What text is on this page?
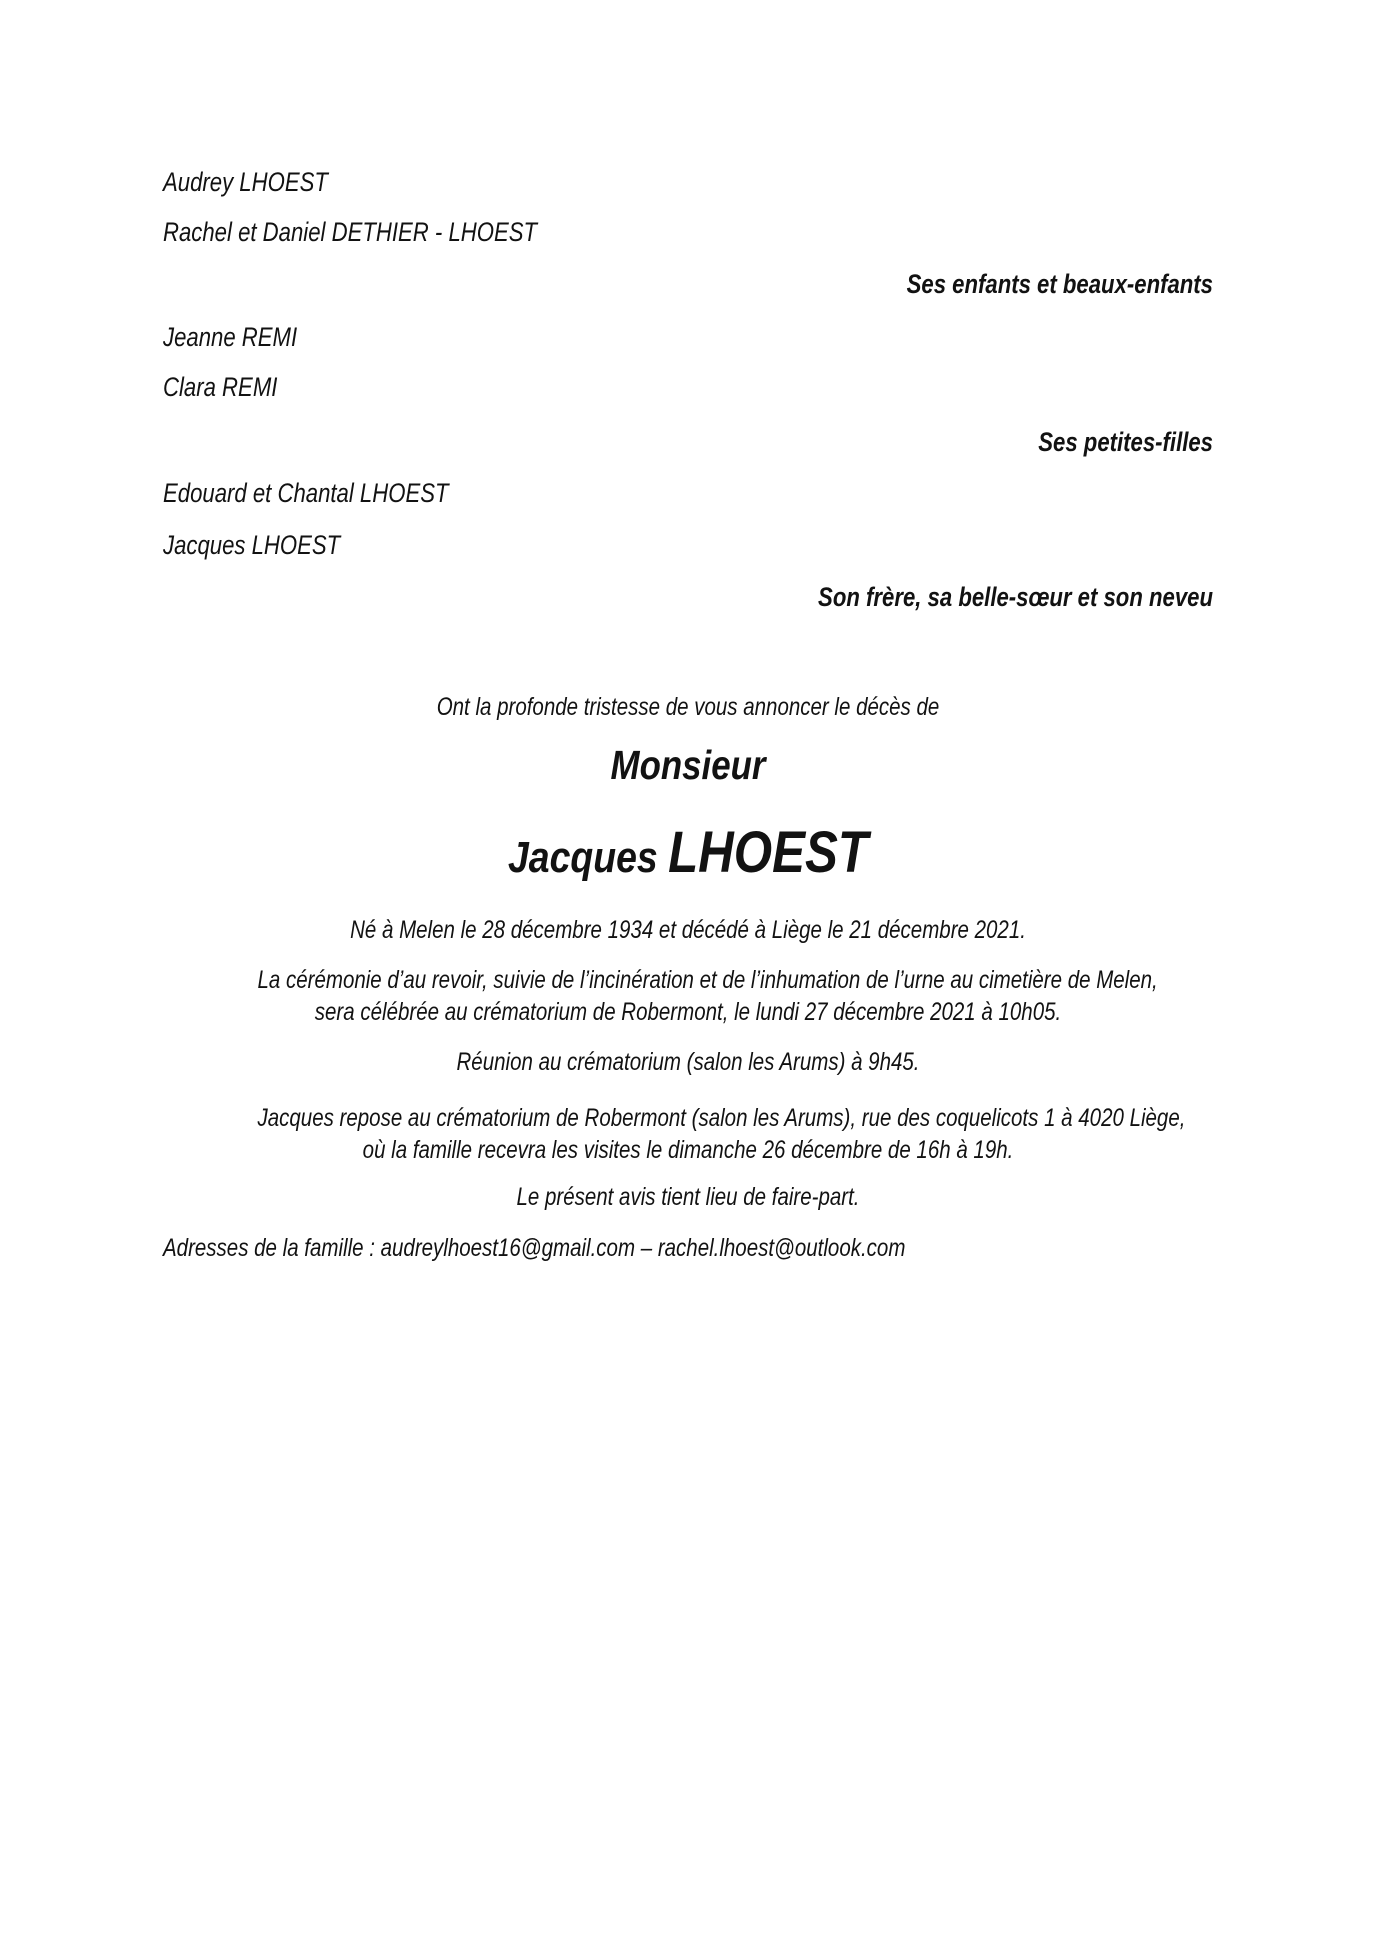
Audrey LHOEST
Rachel et Daniel DETHIER - LHOEST
Ses enfants et beaux-enfants
Jeanne REMI
Clara REMI
Ses petites-filles
Edouard et Chantal LHOEST
Jacques LHOEST
Son frère, sa belle-sœur et son neveu
Ont la profonde tristesse de vous annoncer le décès de
Monsieur
Jacques LHOEST
Né à Melen le 28 décembre 1934 et décédé à Liège le 21 décembre 2021.
La cérémonie d’au revoir, suivie de l’incinération et de l’inhumation de l’urne au cimetière de Melen,
sera célébrée au crématorium de Robermont, le lundi 27 décembre 2021 à 10h05.
Réunion au crématorium (salon les Arums) à 9h45.
Jacques repose au crématorium de Robermont (salon les Arums), rue des coquelicots 1 à 4020 Liège,
où la famille recevra les visites le dimanche 26 décembre de 16h à 19h.
Le présent avis tient lieu de faire-part.
Adresses de la famille : audreylhoest16@gmail.com – rachel.lhoest@outlook.com
